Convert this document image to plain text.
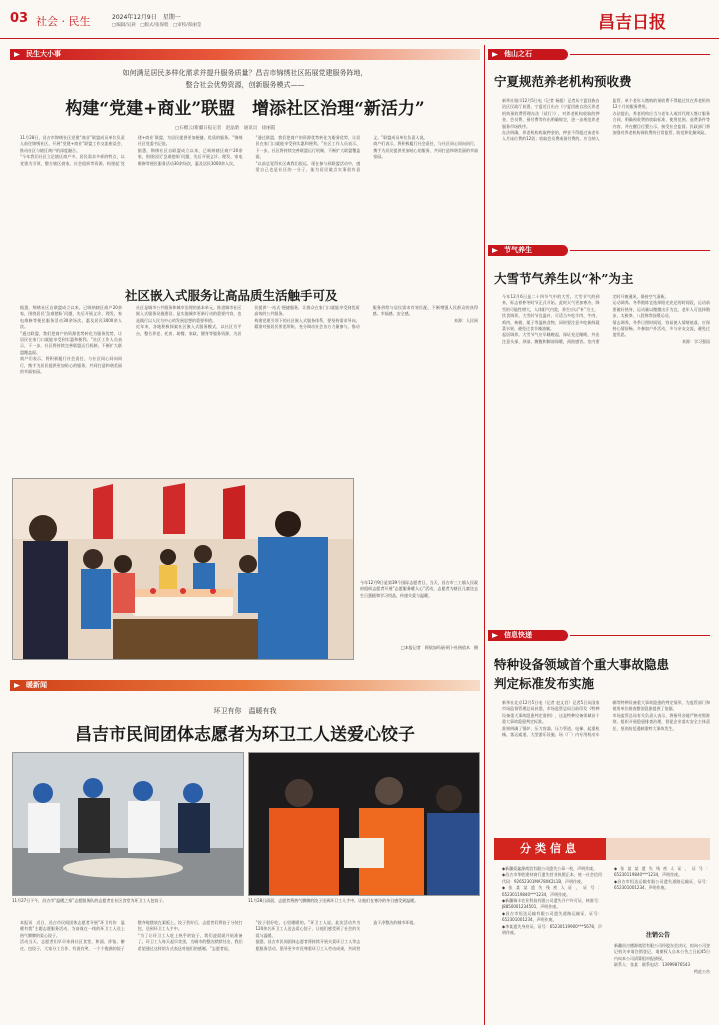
03 社会 · 民生	2024年12月9日　星期一
□编辑/吴莉　□版式/张保程　□审校/郑丽莹	昌吉日报
民生大小事
如何满足居民多样化需求并提升服务质量？昌吉市锦绣社区拓展党建服务阵地，
整合社会优势资源，创新服务模式——
构建“党建+商业”联盟　增添社区治理“新活力”
□石榴云/新疆日报记者　赵晶晗　通讯员　徐丽霞

11月28日，昌吉市锦绣社区党建“商业”联盟成员单位负责人前往锦绣社区，开展“党建+商业”联盟工作交流座谈会，推动社区与辖区商户的深度融合。

“今年我们社区立足辖区商户多、居民需求多样的特点，以党建为引领，整合辖区商家、社会组织等资源，构建起‘党建+商业’联盟，为居民提供更加便捷、优质的服务。”锦绣社区党委书记说。

据悉，锦绣社区自联盟成立以来，已吸纳辖区商户20余家，围绕居民‘急难愁盼’问题，先后开展义诊、理发、家电维修等便民服务活动30余场次，惠及居民3000余人次。

“通过联盟，我们把商户的资源优势转化为服务优势，让居民在家门口就能享受到实惠和便利。”社区工作人员表示，下一步，社区将持续完善联盟运行机制，不断扩大联盟覆盖面。

“以前总觉得社区离我们很远，现在参与到联盟活动中，感觉自己也是社区的一分子，能为居民做点实事很有意义。”联盟成员单位负责人说。

商户们表示，将积极履行社会责任，与社区同心同向同行，携手为居民提供更加贴心的服务，共同打造和谐美丽的幸福家园。

社区嵌入式服务让高品质生活触手可及

据悉，锦绣社区自联盟成立以来，已吸纳辖区商户20余家，围绕居民‘急难愁盼’问题，先后开展义诊、理发、家电维修等便民服务活动30余场次，惠及居民3000余人次。

“通过联盟，我们把商户的资源优势转化为服务优势，让居民在家门口就能享受到实惠和便利。”社区工作人员表示，下一步，社区将持续完善联盟运行机制，不断扩大联盟覆盖面。

商户们表示，将积极履行社会责任，与社区同心同向同行，携手为居民提供更加贴心的服务，共同打造和谐美丽的幸福家园。

社区是城市公共服务和城市治理的基本单元。推进城市社区嵌入式服务设施建设，是实施城市更新行动的重要内容，也是践行以人民为中心的发展思想的重要举措。

近年来，各地积极探索社区嵌入式服务模式，以社区为平台，整合养老、托育、助餐、家政、健身等服务资源，为居民提供‘一站式’便捷服务，让群众在家门口就能享受到优质高效的公共服务。

构建党建引领下的社区嵌入式服务体系，要坚持需求导向，精准对接居民所思所盼，充分调动社会各方力量参与，推动服务供给与居民需求有效匹配，不断增强人民群众的获得感、幸福感、安全感。

来源：人民网

今年12月9日是第39个国际志愿者日，当天，昌吉市三工镇人民政府组织志愿者开展“志愿服务暖人心”活动，志愿者为辖区儿童送去生日蛋糕和学习用品，传递关爱与温暖。
□本报记者　阿依加玛丽·阿卜杜热依木　摄
他山之石
宁夏规范养老机构预收费

新华社银川12月5日电（记者 杨超）记者从宁夏回族自治区民政厅获悉，宁夏近日出台《宁夏回族自治区养老机构预收费管理办法（试行）》，对养老机构收取的押金、会员费、预付费等作出明确规定，进一步规范养老服务市场秩序。

办法明确，养老机构收取押金的，押金不得超过该老年人月床位费的12倍；收取会员费或预付费的，应当纳入监管，单个老年人缴纳的预收费不得超过其在养老机构12个月的服务费用。

办法提出，养老机构应当与老年人或其代理人签订服务合同，明确预收费的收取标准、使用范围、退费条件等内容，并在醒目位置公示，接受社会监督。民政部门将加强对养老机构预收费的日常监管，防范和化解风险。

节气养生
大雪节气养生以“补”为主

今年12月6日是二十四节气中的大雪。大雪节气的到来，标志着仲冬时节正式开始。此时天气更加寒冷，降雪的可能性增大，人体阳气内敛，养生应以“补”为主。

饮食调养。大雪时节宜温补，可适当多吃羊肉、牛肉、鸡肉、核桃、栗子等温热食物，同时要注意多吃新鲜蔬菜水果，避免过食辛辣油腻。

起居调养。大雪节气应早睡晚起，保证充足睡眠，外出注意头部、颈部、腰腹和脚部保暖，预防感冒。室内要定时开窗通风，保持空气清新。

运动调养。冬季锻炼宜选择阳光充足的时间段，运动前要做好热身，运动量以微微出汗为宜，老年人可选择散步、太极拳、八段锦等舒缓运动。

情志调养。冬季日照时间短，容易使人情绪低落，应保持心情舒畅，多参加户外活动，多与亲友交流，避免过度忧思。

来源：学习强国

信息快递
特种设备领域首个重大事故隐患
判定标准发布实施

新华社北京12月5日电（记者 赵文君）记者5日从国家市场监督管理总局获悉，市场监管总局日前印发《特种设备重大事故隐患判定准则》，这是特种设备领域首个重大事故隐患判定标准。

准则明确了锅炉、压力容器、压力管道、电梯、起重机械、客运索道、大型游乐设施、场（厂）内专用机动车辆等特种设备重大事故隐患的判定情形，为监管部门和使用单位排查整治隐患提供了依据。

市场监管总局有关负责人表示，将指导各地严格对照准则，组织开展隐患排查治理，督促企业落实安全主体责任，坚决防范遏制重特大事故发生。

分类信息

◆新疆爱鑫源商贸有限公司遗失公章一枚，声明作废。

◆昌吉市华胜建材商行遗失营业执照正本，统一社会信用代码：92652301MA78XK2L1B，声明作废。

◆张某某遗失残疾人证，证号：65230119840***1234，声明作废。

◆新疆瑞丰农业科技有限公司遗失开户许可证，核准号：J8850001234501，声明作废。

◆昌吉市恒达运输有限公司遗失道路运输证，证号：652301001234，声明作废。

◆李某遗失身份证，证号：65230119900***5678，声明作废。

◆张某某遗失残疾人证，证号：65230119840***1234，声明作废。

◆昌吉市恒达运输有限公司遗失道路运输证，证号：652301001234，声明作废。

注销公告

新疆昌吉德源商贸有限公司经股东会决议，拟向公司登记机关申请注销登记，请债权人自本公告之日起45日内向本公司清算组申报债权。

联系人：张某　联系电话：13999876543

特此公告

暖新闻
环卫有你　温暖有我
昌吉市民间团体志愿者为环卫工人送爱心饺子
11月27日下午，昌吉市“温暖之家”志愿服务队的志愿者在社区食堂为环卫工人包饺子。	11月28日清晨，志愿者将热气腾腾的饺子送到环卫工人手中，让他们在寒冷的冬日感受到温暖。

本报讯　近日，昌吉市民间团体志愿者开展“环卫有你　温暖有我”主题志愿服务活动，为奋战在一线的环卫工人送上热气腾腾的爱心饺子。

活动当天，志愿者们早早来到社区食堂，和面、拌馅、擀皮、包饺子，大家分工合作、有说有笑，一个个饱满的饺子整齐地摆放在案板上。饺子煮好后，志愿者们将饺子分装打包，送到环卫工人手中。

“为了让环卫工人吃上热乎的饺子，我们凌晨就开始准备了。环卫工人每天起早贪黑，为城市的整洁默默付出，我们希望通过这样的方式表达对他们的感谢。”志愿者说。

“饺子很好吃，心里暖暖的。”环卫工人说。此次活动共为120余名环卫工人送去爱心饺子，让他们感受到了社会的关爱与温暖。

据悉，昌吉市民间团体志愿者将持续开展关爱环卫工人等志愿服务活动，倡导更多市民尊重环卫工人劳动成果，共同营造干净整洁的城市环境。
